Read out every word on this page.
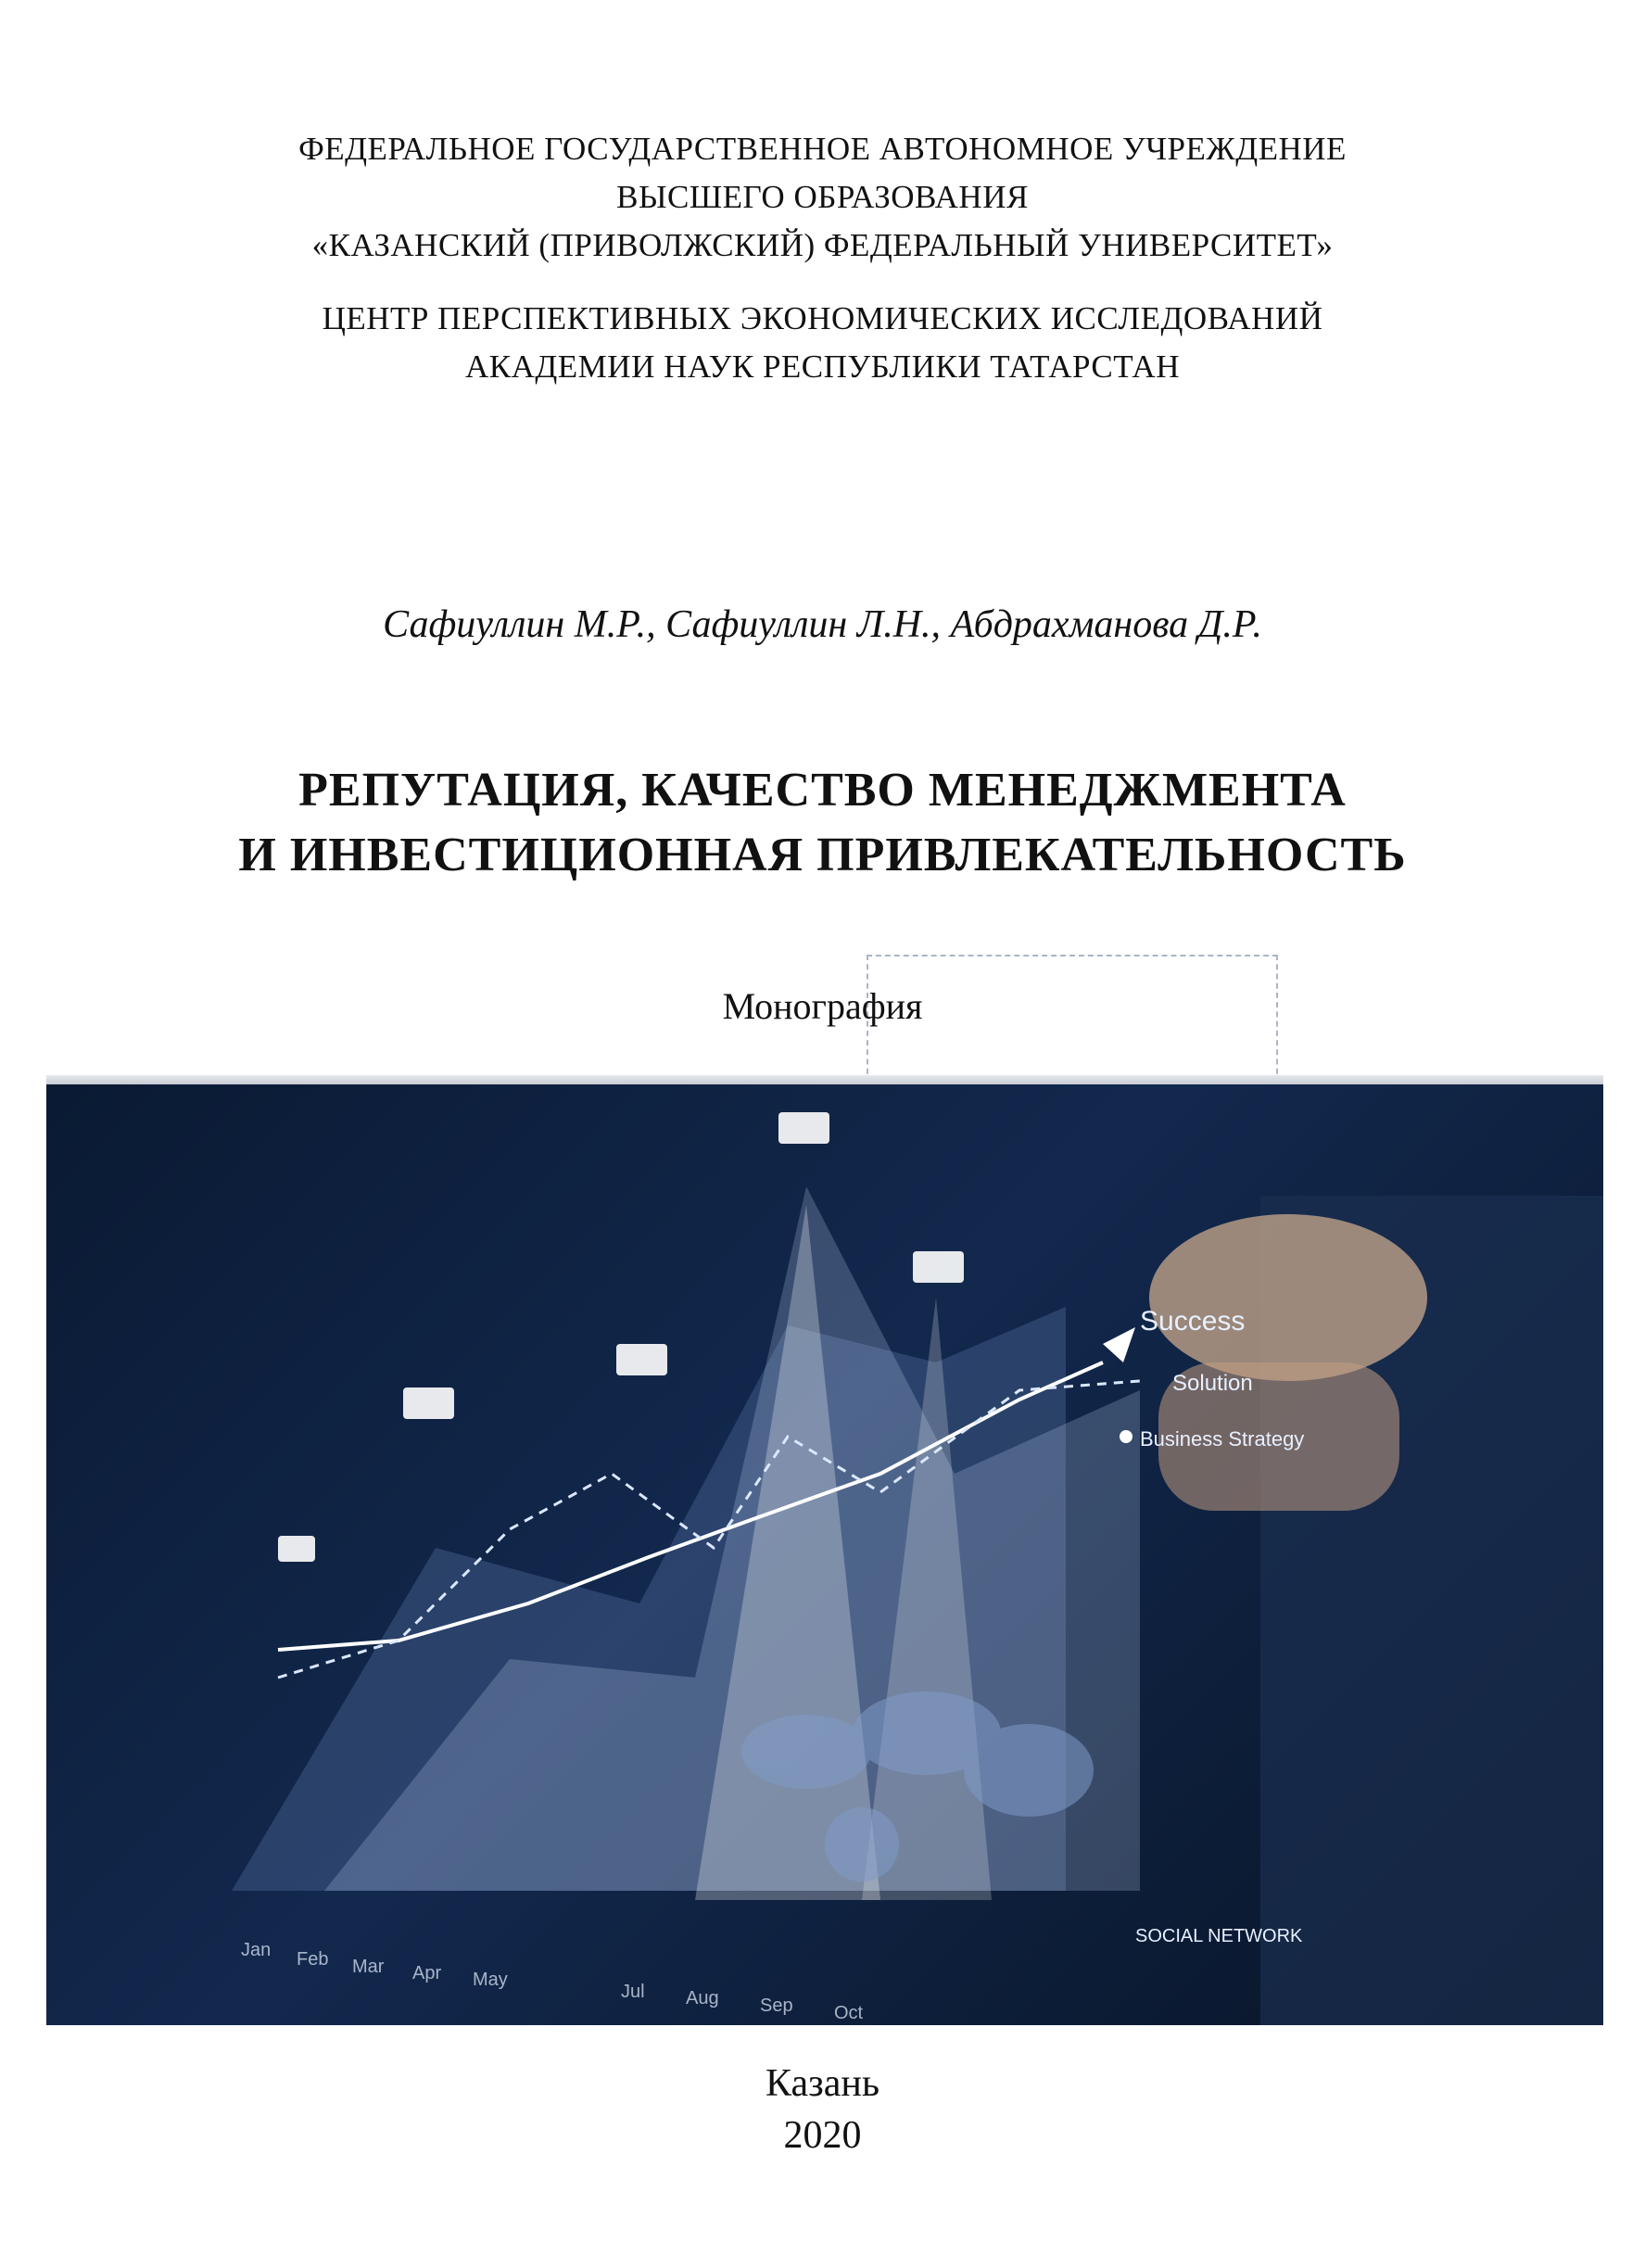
ФЕДЕРАЛЬНОЕ ГОСУДАРСТВЕННОЕ АВТОНОМНОЕ УЧРЕЖДЕНИЕ
ВЫСШЕГО ОБРАЗОВАНИЯ
«КАЗАНСКИЙ (ПРИВОЛЖСКИЙ) ФЕДЕРАЛЬНЫЙ УНИВЕРСИТЕТ»
ЦЕНТР ПЕРСПЕКТИВНЫХ ЭКОНОМИЧЕСКИХ ИССЛЕДОВАНИЙ
АКАДЕМИИ НАУК РЕСПУБЛИКИ ТАТАРСТАН
Сафиуллин М.Р., Сафиуллин Л.Н., Абдрахманова Д.Р.
РЕПУТАЦИЯ, КАЧЕСТВО МЕНЕДЖМЕНТА
И ИНВЕСТИЦИОННАЯ ПРИВЛЕКАТЕЛЬНОСТЬ
Монография
Success
Solution
Business Strategy
SOCIAL NETWORK
Jan Feb Mar Apr May
Jul Aug Sep Oct
Казань
2020
